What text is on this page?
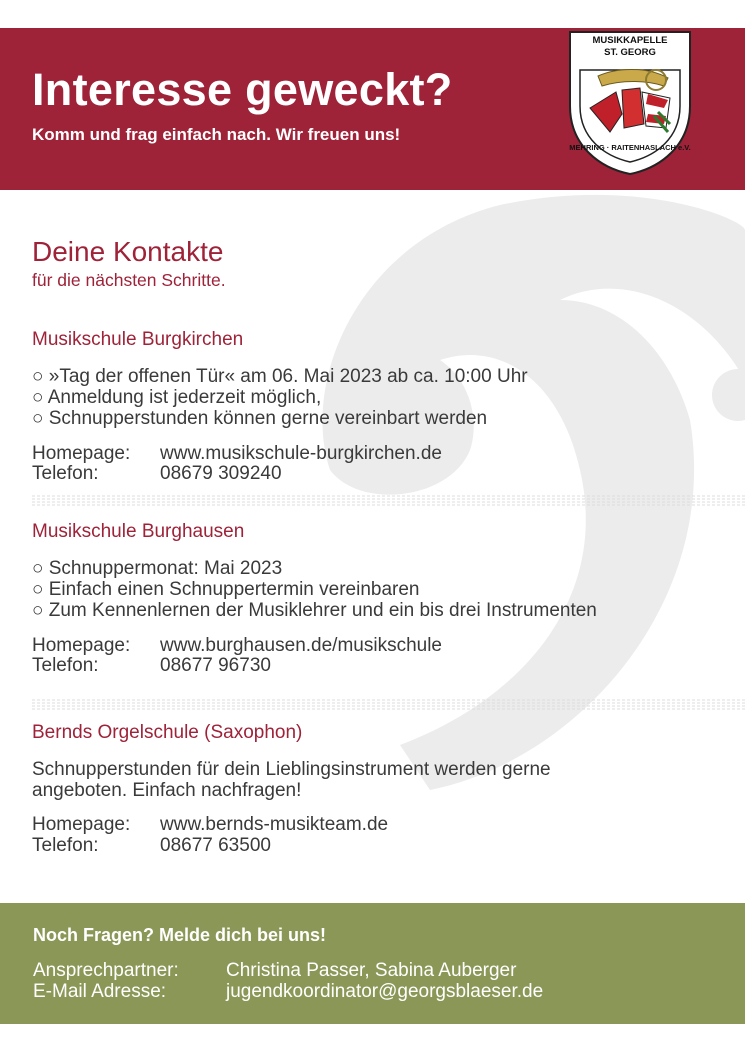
Interesse geweckt?
Komm und frag einfach nach. Wir freuen uns!
MUSIKKAPELLE
ST. GEORG
MEHRING · RAITENHASLACH e.V.
Deine Kontakte
für die nächsten Schritte.
Musikschule Burgkirchen
○ »Tag der offenen Tür« am 06. Mai 2023 ab ca. 10:00 Uhr
○ Anmeldung ist jederzeit möglich,
○ Schnupperstunden können gerne vereinbart werden
Homepage: www.musikschule-burgkirchen.de
Telefon:	08679 309240
Musikschule Burghausen
○ Schnuppermonat: Mai 2023
○ Einfach einen Schnuppertermin vereinbaren
○ Zum Kennenlernen der Musiklehrer und ein bis drei Instrumenten
Homepage: www.burghausen.de/musikschule
Telefon:	08677 96730
Bernds Orgelschule (Saxophon)
Schnupperstunden für dein Lieblingsinstrument werden gerne
angeboten. Einfach nachfragen!
Homepage: www.bernds-musikteam.de
Telefon:	08677 63500
Noch Fragen? Melde dich bei uns!
Ansprechpartner: Christina Passer, Sabina Auberger
E-Mail Adresse:	jugendkoordinator@georgsblaeser.de
